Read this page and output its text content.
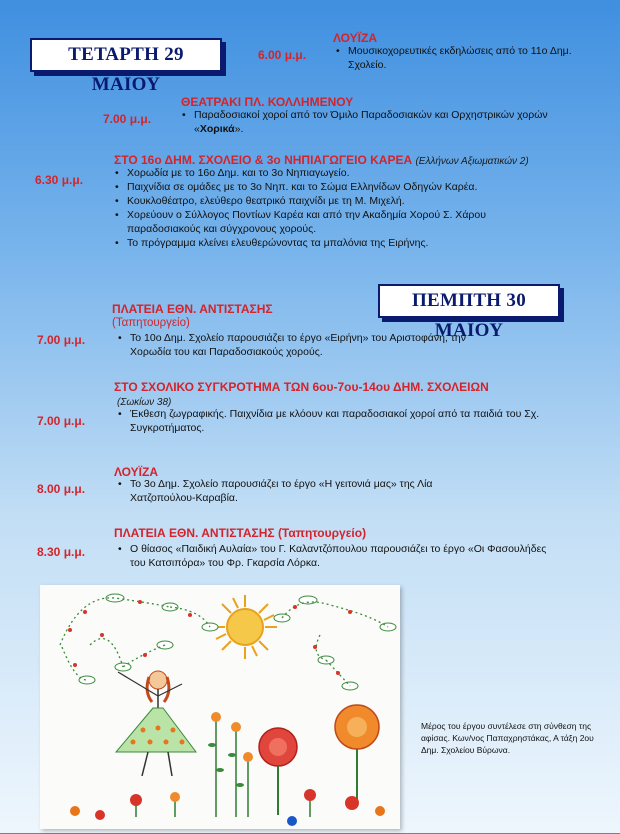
ΤΕΤΑΡΤΗ 29 ΜΑΪΟΥ
ΛΟΥΪΖΑ
6.00 μ.μ.	• Μουσικοχορευτικές εκδηλώσεις από το 11ο Δημ. Σχολείο.
ΘΕΑΤΡΑΚΙ ΠΛ. ΚΟΛΛΗΜΕΝΟΥ
7.00 μ.μ.	• Παραδοσιακοί χοροί από τον Όμιλο Παραδοσιακών και Ορχηστρικών χορών «Χορικά».
ΣΤΟ 16ο ΔΗΜ. ΣΧΟΛΕΙΟ & 3ο ΝΗΠΙΑΓΩΓΕΙΟ ΚΑΡΕΑ (Ελλήνων Αξιωματικών 2)
6.30 μ.μ.	• Χορωδία με το 16ο Δημ. και το 3ο Νηπιαγωγείο.
• Παιχνίδια σε ομάδες με το 3ο Νηπ. και το Σώμα Ελληνίδων Οδηγών Καρέα.
• Κουκλοθέατρο, ελεύθερο θεατρικό παιχνίδι με τη Μ. Μιχελή.
• Χορεύουν ο Σύλλογος Ποντίων Καρέα και από την Ακαδημία Χορού Σ. Χάρου παραδοσιακούς και σύγχρονους χορούς.
• Το πρόγραμμα κλείνει ελευθερώνοντας τα μπαλόνια της Ειρήνης.
ΠΕΜΠΤΗ 30 ΜΑΪΟΥ
ΠΛΑΤΕΙΑ ΕΘΝ. ΑΝΤΙΣΤΑΣΗΣ
(Ταπητουργείο)
7.00 μ.μ.	• Το 10ο Δημ. Σχολείο παρουσιάζει το έργο «Ειρήνη» του Αριστοφάνη, την Χορωδία του και Παραδοσιακούς χορούς.
ΣΤΟ ΣΧΟΛΙΚΟ ΣΥΓΚΡΟΤΗΜΑ ΤΩΝ 6ου-7ου-14ου ΔΗΜ. ΣΧΟΛΕΙΩΝ
(Σωκίων 38)
7.00 μ.μ.	• Έκθεση ζωγραφικής. Παιχνίδια με κλόουν και παραδοσιακοί χοροί από τα παιδιά του Σχ. Συγκροτήματος.
ΛΟΥΪΖΑ
8.00 μ.μ.	• Το 3ο Δημ. Σχολείο παρουσιάζει το έργο «Η γειτονιά μας» της Λία Χατζοπούλου-Καραβία.
ΠΛΑΤΕΙΑ ΕΘΝ. ΑΝΤΙΣΤΑΣΗΣ (Ταπητουργείο)
8.30 μ.μ.	• Ο θίασος «Παιδική Αυλαία» του Γ. Καλαντζόπουλου παρουσιάζει το έργο «Οι Φασουλήδες του Κατσιπόρα» του Φρ. Γκαρσία Λόρκα.
Μέρος του έργου συντέλεσε στη σύνθεση της αφίσας. Κων/νος Παπαχρηστάκας, Α τάξη 2ου Δημ. Σχολείου Βύρωνα.
